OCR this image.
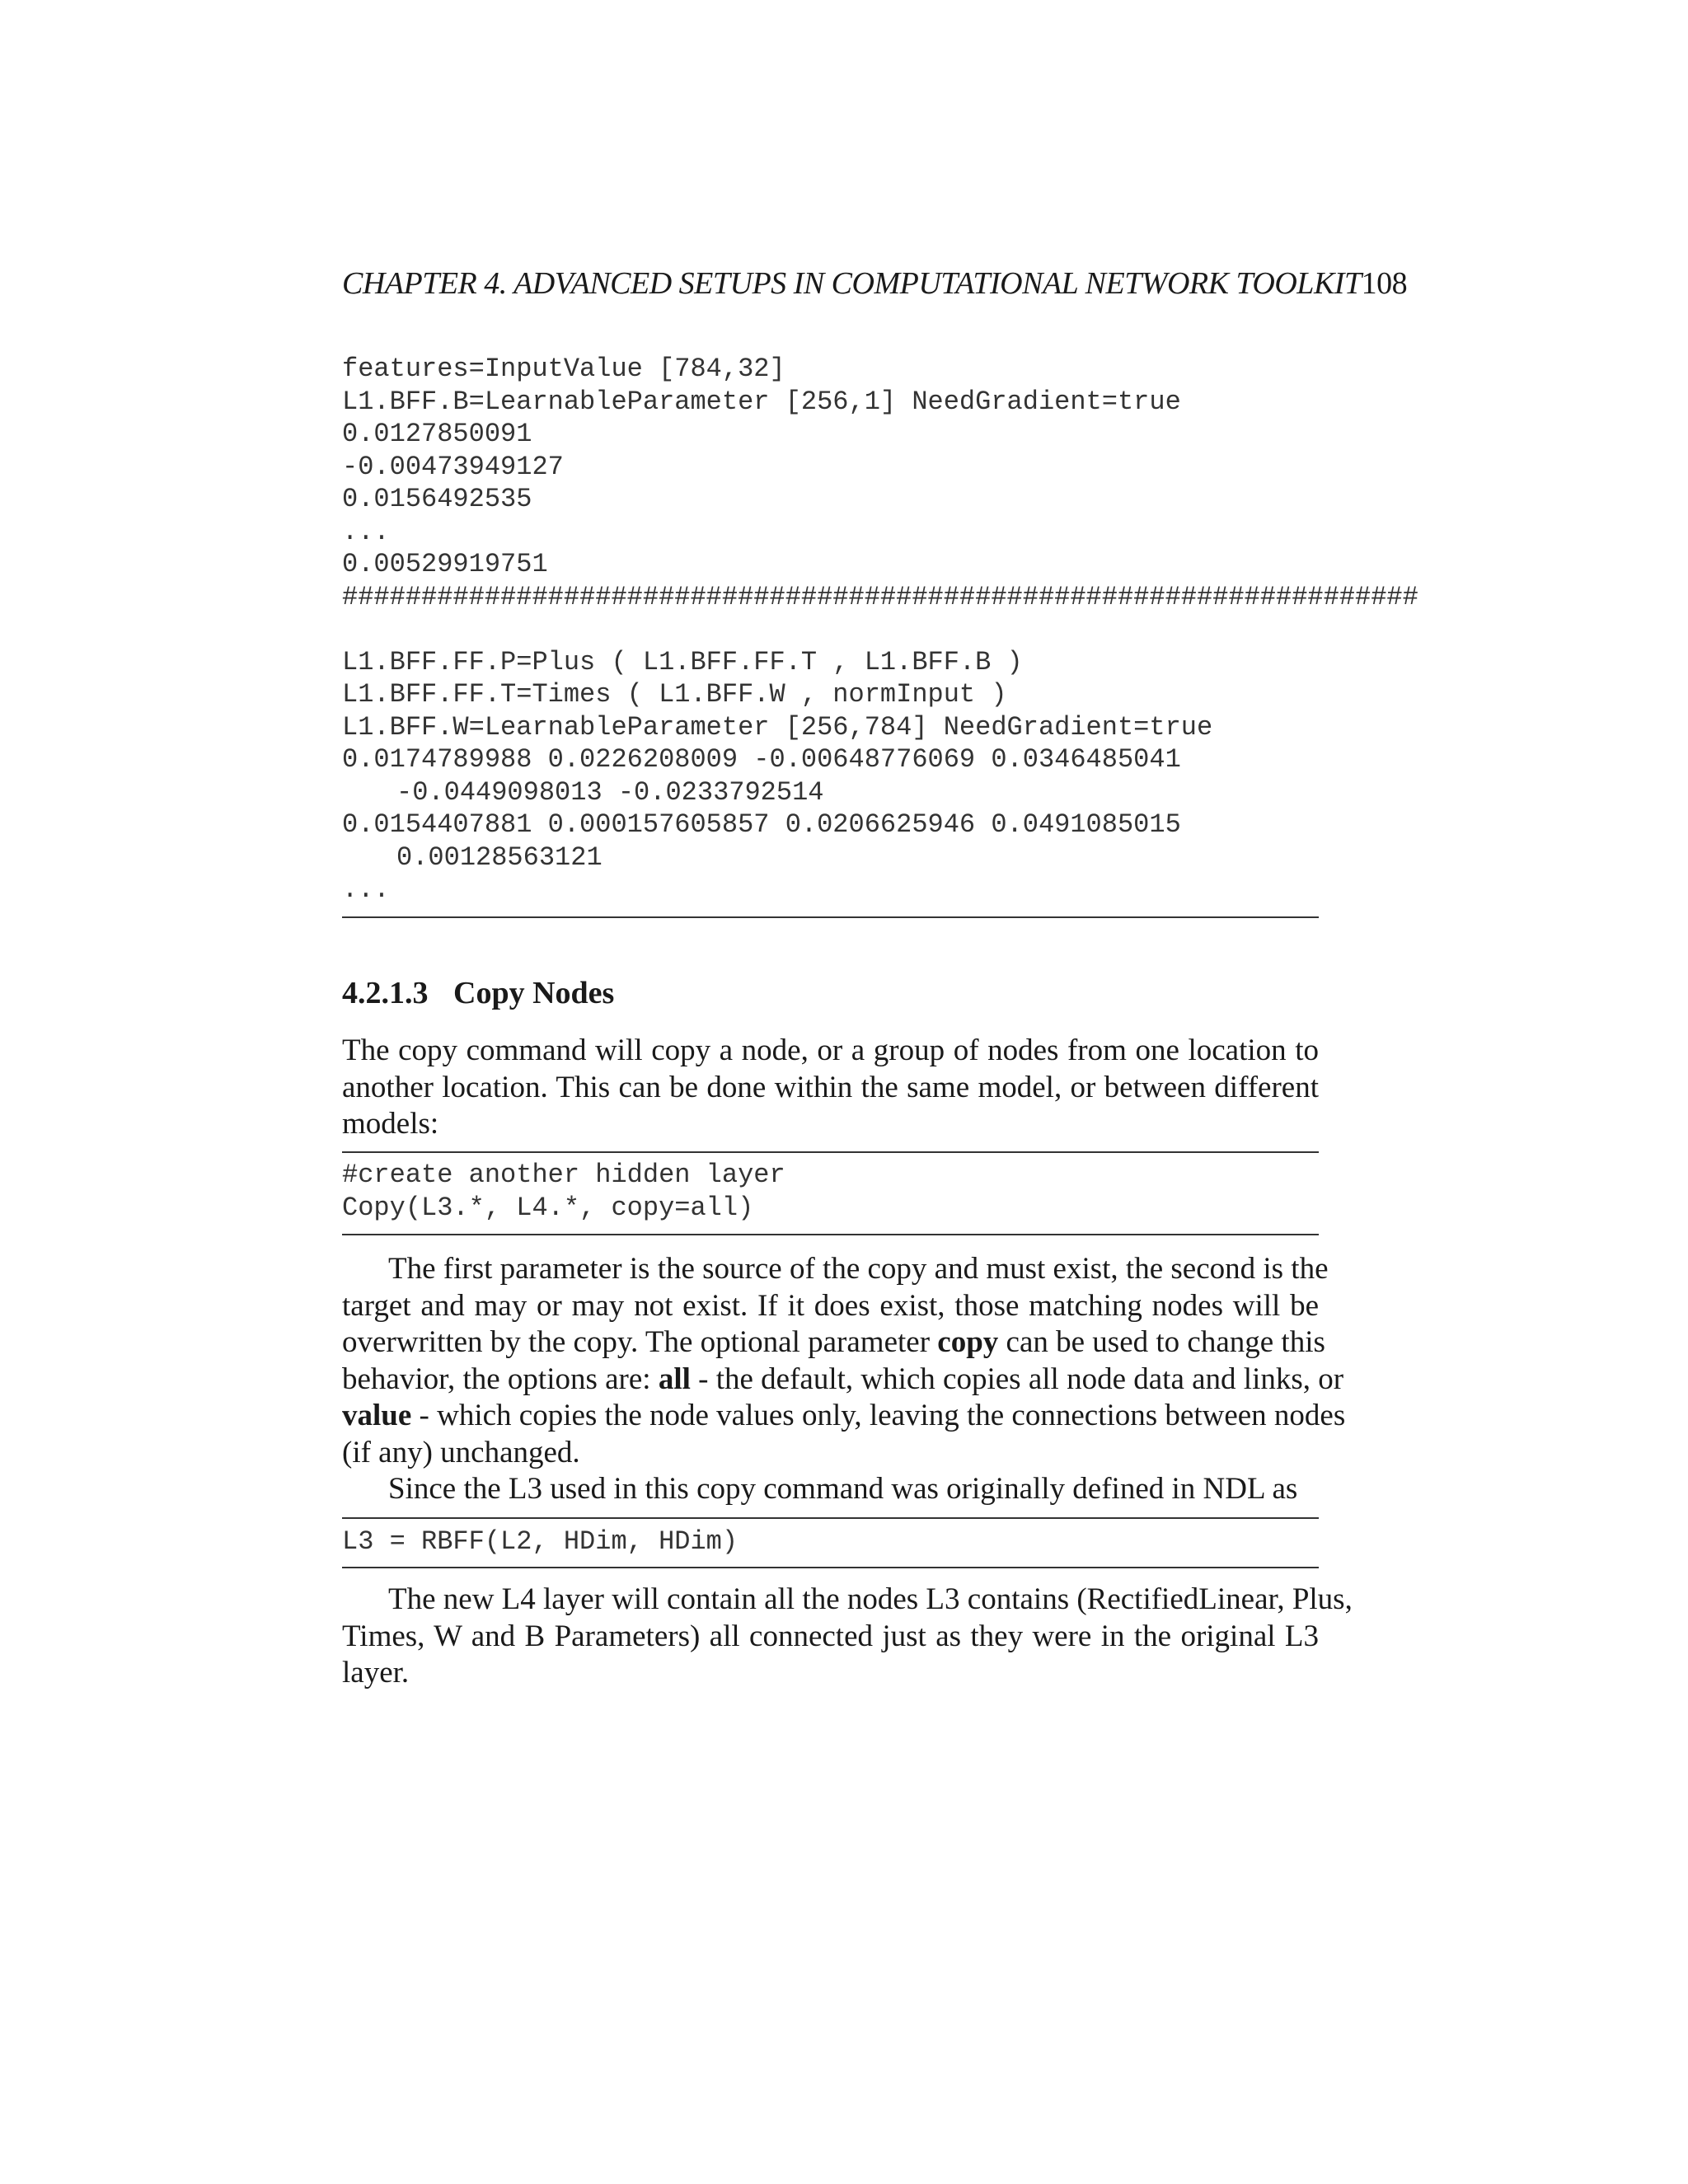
CHAPTER 4. ADVANCED SETUPS IN COMPUTATIONAL NETWORK TOOLKIT108
features=InputValue [784,32]
L1.BFF.B=LearnableParameter [256,1] NeedGradient=true
0.0127850091
-0.00473949127
0.0156492535
...
0.00529919751
####################################################################
L1.BFF.FF.P=Plus ( L1.BFF.FF.T , L1.BFF.B )
L1.BFF.FF.T=Times ( L1.BFF.W , normInput )
L1.BFF.W=LearnableParameter [256,784] NeedGradient=true
0.0174789988 0.0226208009 -0.00648776069 0.0346485041
-0.0449098013 -0.0233792514
0.0154407881 0.000157605857 0.0206625946 0.0491085015
0.00128563121
...
4.2.1.3 Copy Nodes
The copy command will copy a node, or a group of nodes from one location to
another location. This can be done within the same model, or between different
models:
#create another hidden layer
Copy(L3.*, L4.*, copy=all)
The first parameter is the source of the copy and must exist, the second is the
target and may or may not exist. If it does exist, those matching nodes will be
overwritten by the copy. The optional parameter copy can be used to change this
behavior, the options are: all - the default, which copies all node data and links, or
value - which copies the node values only, leaving the connections between nodes
(if any) unchanged.
Since the L3 used in this copy command was originally defined in NDL as
L3 = RBFF(L2, HDim, HDim)
The new L4 layer will contain all the nodes L3 contains (RectifiedLinear, Plus,
Times, W and B Parameters) all connected just as they were in the original L3
layer.
